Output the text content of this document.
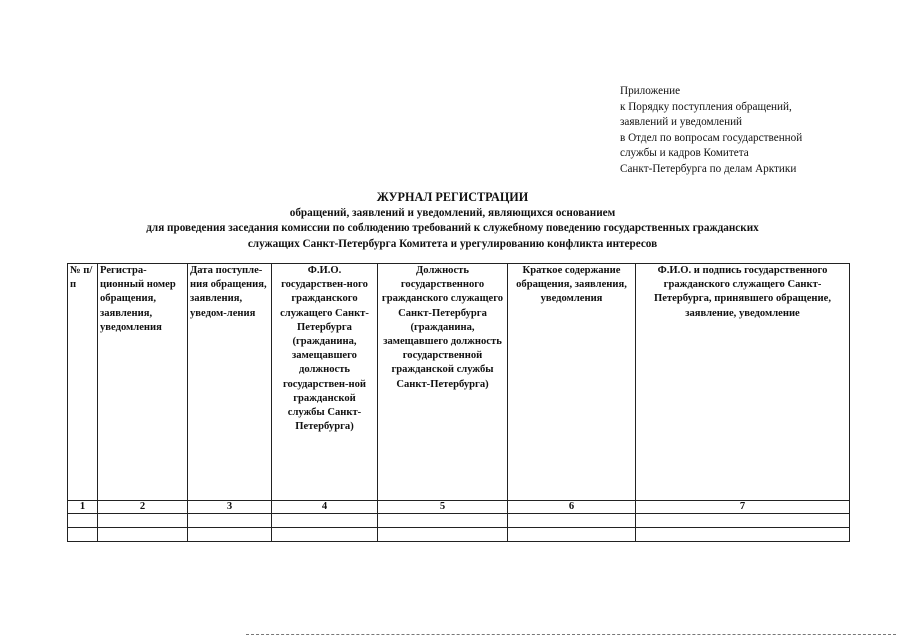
Приложение
к Порядку поступления обращений,
заявлений и уведомлений
в Отдел по вопросам государственной
службы и кадров Комитета
Санкт-Петербурга по делам Арктики
ЖУРНАЛ РЕГИСТРАЦИИ
обращений, заявлений и уведомлений, являющихся основанием
для проведения заседания комиссии по соблюдению требований к служебному поведению государственных гражданских
служащих Санкт-Петербурга Комитета и урегулированию конфликта интересов
№ п/п	Регистра-ционный номер обращения, заявления, уведомления	Дата поступле-ния обращения, заявления, уведом-ления	Ф.И.О. государствен-ного гражданского служащего Санкт-Петербурга (гражданина, замещавшего должность государствен-ной гражданской службы Санкт-Петербурга)	Должность государственного гражданского служащего Санкт-Петербурга (гражданина, замещавшего должность государственной гражданской службы Санкт-Петербурга)	Краткое содержание обращения, заявления, уведомления	Ф.И.О. и подпись государственного гражданского служащего Санкт-Петербурга, принявшего обращение, заявление, уведомление
1	2	3	4	5	6	7
